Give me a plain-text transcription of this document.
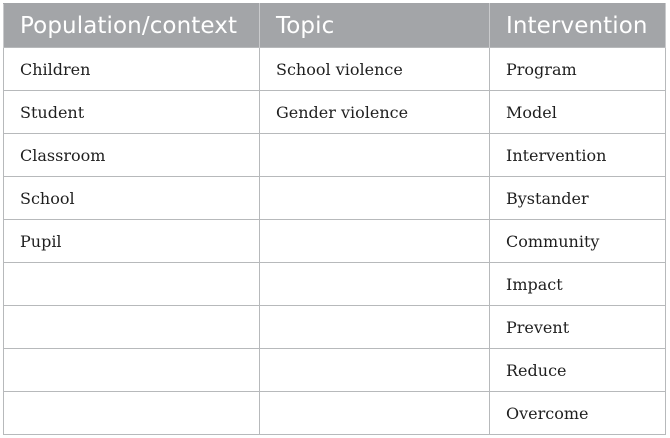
Population/context	Topic	Intervention
Children	School violence	Program
Student	Gender violence	Model
Classroom		Intervention
School		Bystander
Pupil		Community
		Impact
		Prevent
		Reduce
		Overcome
